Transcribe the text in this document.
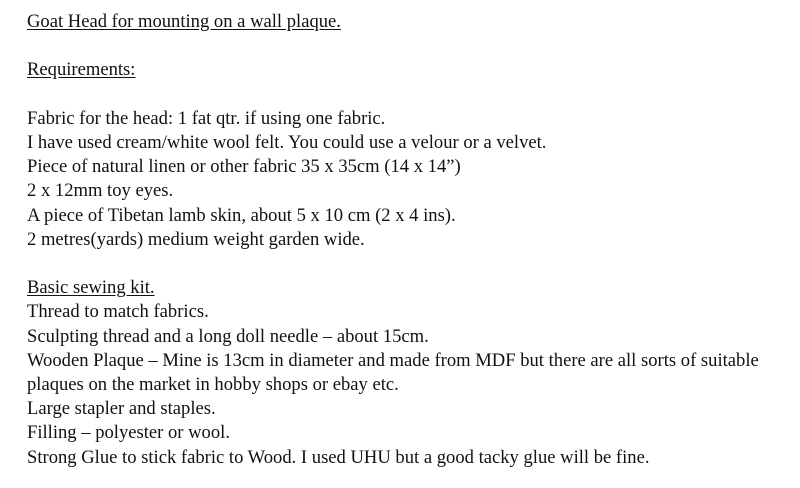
Goat Head for mounting on a wall plaque.
Requirements:
Fabric for the head: 1 fat qtr. if using one fabric.
I have used cream/white wool felt. You could use a velour or a velvet.
Piece of natural linen or other fabric 35 x 35cm (14 x 14”)
2 x 12mm toy eyes.
A piece of Tibetan lamb skin, about 5 x 10 cm (2 x 4 ins).
2 metres(yards) medium weight garden wide.
Basic sewing kit.
Thread to match fabrics.
Sculpting thread and a long doll needle – about 15cm.
Wooden Plaque – Mine is 13cm in diameter and made from MDF but there are all sorts of suitable plaques on the market in hobby shops or ebay etc.
Large stapler and staples.
Filling – polyester or wool.
Strong Glue to stick fabric to Wood. I used UHU but a good tacky glue will be fine.
